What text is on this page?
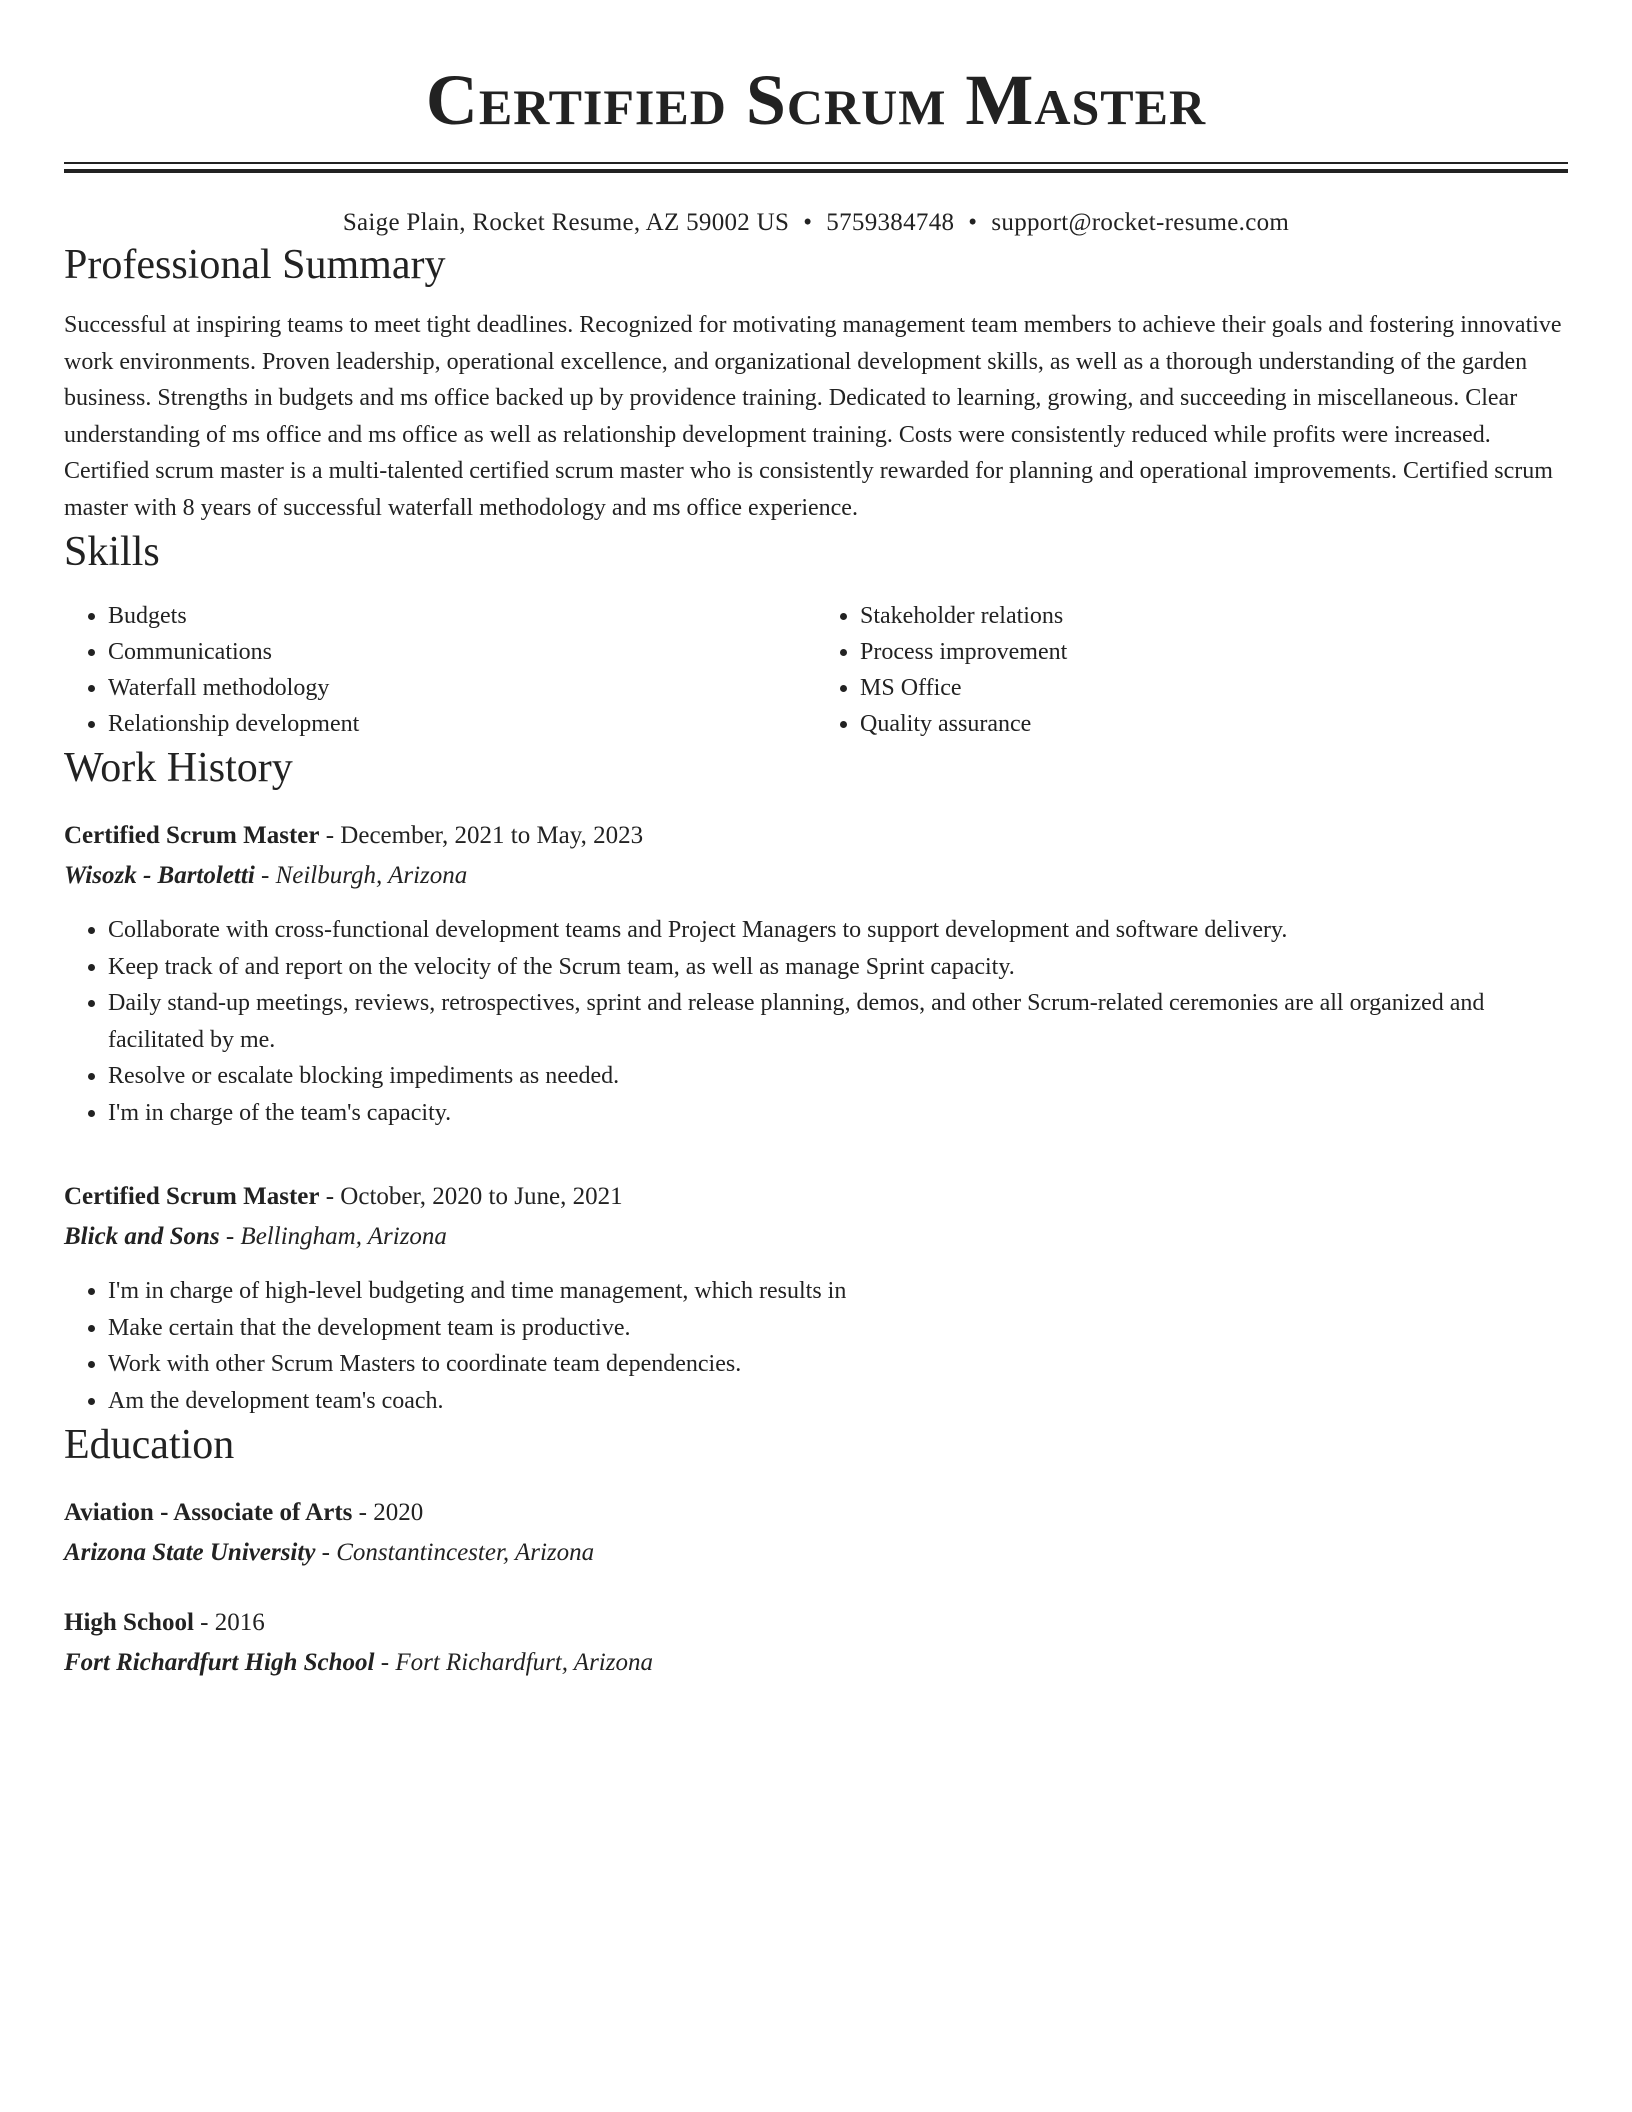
Certified Scrum Master
Saige Plain, Rocket Resume, AZ 59002 US • 5759384748 • support@rocket-resume.com
Professional Summary
Successful at inspiring teams to meet tight deadlines. Recognized for motivating management team members to achieve their goals and fostering innovative work environments. Proven leadership, operational excellence, and organizational development skills, as well as a thorough understanding of the garden business. Strengths in budgets and ms office backed up by providence training. Dedicated to learning, growing, and succeeding in miscellaneous. Clear understanding of ms office and ms office as well as relationship development training. Costs were consistently reduced while profits were increased. Certified scrum master is a multi-talented certified scrum master who is consistently rewarded for planning and operational improvements. Certified scrum master with 8 years of successful waterfall methodology and ms office experience.
Skills
• Budgets
• Communications
• Waterfall methodology
• Relationship development
• Stakeholder relations
• Process improvement
• MS Office
• Quality assurance
Work History
Certified Scrum Master - December, 2021 to May, 2023
Wisozk - Bartoletti - Neilburgh, Arizona
• Collaborate with cross-functional development teams and Project Managers to support development and software delivery.
• Keep track of and report on the velocity of the Scrum team, as well as manage Sprint capacity.
• Daily stand-up meetings, reviews, retrospectives, sprint and release planning, demos, and other Scrum-related ceremonies are all organized and facilitated by me.
• Resolve or escalate blocking impediments as needed.
• I'm in charge of the team's capacity.
Certified Scrum Master - October, 2020 to June, 2021
Blick and Sons - Bellingham, Arizona
• I'm in charge of high-level budgeting and time management, which results in
• Make certain that the development team is productive.
• Work with other Scrum Masters to coordinate team dependencies.
• Am the development team's coach.
Education
Aviation - Associate of Arts - 2020
Arizona State University - Constantincester, Arizona
High School - 2016
Fort Richardfurt High School - Fort Richardfurt, Arizona
